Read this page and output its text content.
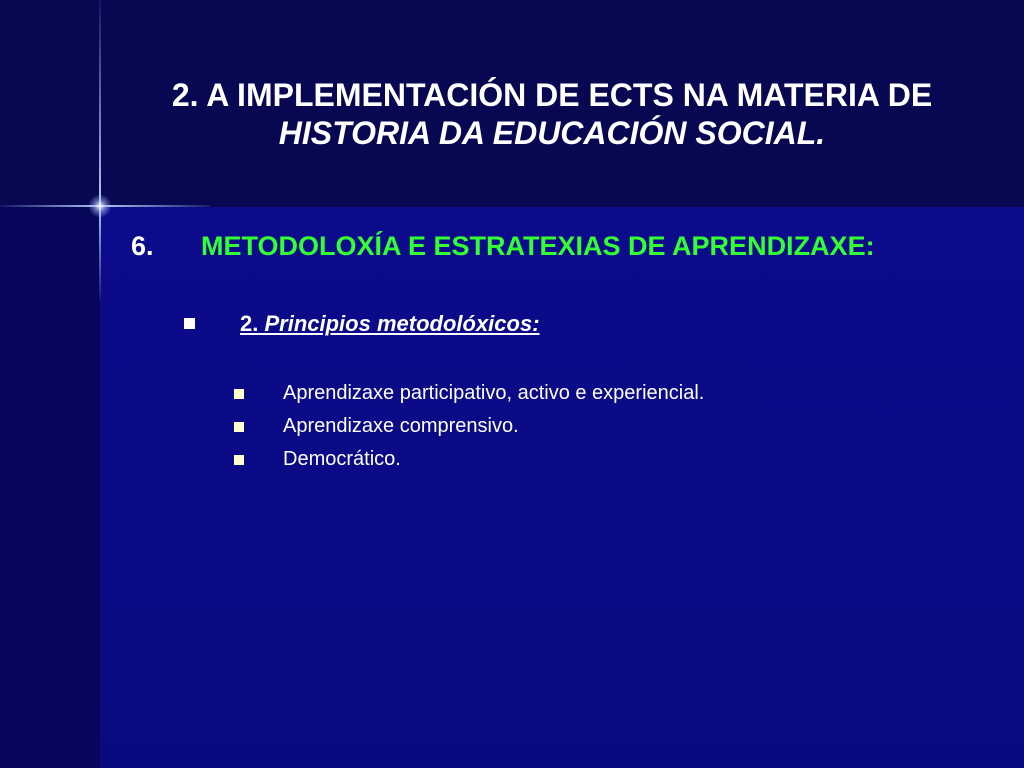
2. A IMPLEMENTACIÓN DE ECTS NA MATERIA DE
HISTORIA DA EDUCACIÓN SOCIAL.
6. METODOLOXÍA E ESTRATEXIAS DE APRENDIZAXE:
2. Principios metodolóxicos:
Aprendizaxe participativo, activo e experiencial.
Aprendizaxe comprensivo.
Democrático.
